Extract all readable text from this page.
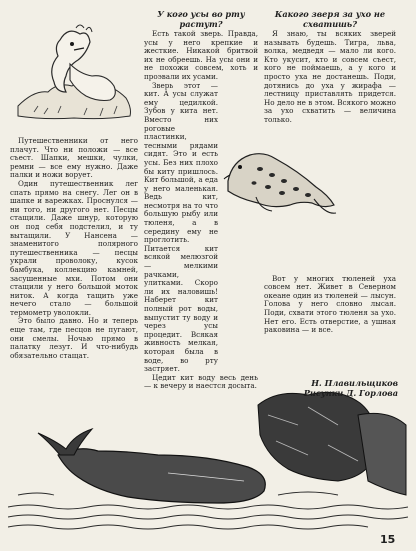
У кого усы во рту растут?

Какого зверя за ухо не схватишь?

Путешественники от него плачут. Что ни положи — все съест. Шапки, мешки, чулки, ремни — все ему нужно. Даже палки и ножи ворует.

Один путешественник лег спать прямо на снегу. Лег он в шапке и варежках. Проснулся — ни того, ни другого нет. Песцы стащили. Даже шнур, которую он под себя подстелил, и ту вытащили. У Нансена — знаменитого полярного путешественника — песцы украли проволоку, кусок бамбука, коллекцию камней, засушенные мхи. Потом они стащили у него большой моток ниток. А когда тащить уже нечего стало — большой термометр уволокли.

Это было давно. Но и теперь еще там, где песцов не пугают, они смелы. Ночью прямо в палатку лезут. И что-нибудь обязательно стащат.

Есть такой зверь. Правда, усы у него крепкие и жесткие. Никакой бритвой их не обреешь. На усы они и не похожи совсем, хоть и проэвали их усами.

Зверь этот — кит. А усы служат ему цедилкой. Зубов у кита нет. Вместо них роговые пластинки, тесными рядами сидят. Это и есть усы. Без них плохо бы киту пришлось. Кит большой, а еда у него маленькая. Ведь кит, несмотря на то что большую рыбу или тюленя, а в середину ему не проглотить. Питается кит всякой мелюзгой — мелкими рачками, улитками. Скоро ли их наловишь! Наберет кит полный рот воды, выпустит ту воду и через усы процедит. Всякая живность мелкая, которая была в воде, во рту застряет.

Цедит кит воду весь день — к вечеру и наестся досыта.

Я знаю, ты всяких зверей называть будешь. Тигра, льва, волка, медведя — мало ли кого. Кто укусит, кто и совсем съест, кого не поймаешь, а у кого и просто уха не достанешь. Поди, дотянись до уха у жирафа — лестницу приставлять придется. Но дело не в этом. Всякого можно за ухо схватить — величина только.

Вот у многих тюленей уха совсем нет. Живет в Северном океане один из тюленей — лысун. Голова у него словно лысая. Поди, схвати этого тюленя за ухо. Нет его. Есть отверстие, а ушная раковина — и все.

Н. Плавильщиков
Рисунки Д. Горлова
15
